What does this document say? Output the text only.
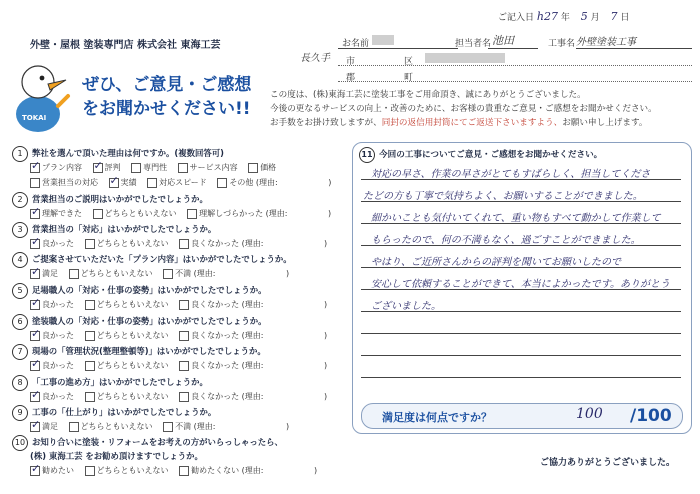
ご記入日 h27 年 5 月 7 日
外壁・屋根 塗装専門店 株式会社 東海工芸	お名前	担当者名 池田	工事名 外壁塗装工事
長久手 市	区
郡	町
TOKAI
ぜひ、ご意見・ご感想
をお聞かせください!!
この度は、(株)東海工芸に塗装工事をご用命頂き、誠にありがとうございました。
今後の更なるサービスの向上・改善のために、お客様の貴重なご意見・ご感想をお聞かせください。
お手数をお掛け致しますが、同封の返信用封筒にてご返送下さいますよう、お願い申し上げます。
1 弊社を選んで頂いた理由は何ですか。(複数回答可)
✓プラン内容 ✓	評判	専門性	サービス内容	価格
営業担当の対応 ✓	実績	対応スピード	その他 (理由:	)
2 営業担当のご説明はいかがでしたでしょうか。
✓理解できた	どちらともいえない	理解しづらかった (理由:	)
3 営業担当の「対応」はいかがでしたでしょうか。
✓良かった	どちらともいえない	良くなかった (理由:	)
4 ご提案させていただいた「プラン内容」はいかがでしたでしょうか。
✓満足	どちらともいえない	不満 (理由:	)
5 足場職人の「対応・仕事の姿勢」はいかがでしたでしょうか。
✓良かった	どちらともいえない	良くなかった (理由:	)
6 塗装職人の「対応・仕事の姿勢」はいかがでしたでしょうか。
✓良かった	どちらともいえない	良くなかった (理由:	)
7 現場の「管理状況(整理整頓等)」はいかがでしたでしょうか。
✓良かった	どちらともいえない	良くなかった (理由:	)
8 「工事の進め方」はいかがでしたでしょうか。
✓良かった	どちらともいえない	良くなかった (理由:	)
9 工事の「仕上がり」はいかがでしたでしょうか。
✓満足	どちらともいえない	不満 (理由:	)
10 お知り合いに塗装・リフォームをお考えの方がいらっしゃったら、
(株) 東海工芸 をお勧め頂けますでしょうか。
✓勧めたい	どちらともいえない	勧めたくない (理由:	)
11 今回の工事についてご意見・ご感想をお聞かせください。
対応の早さ、作業の早さがとてもすばらしく、担当してくださ
たどの方も丁寧で気持ちよく、お願いすることができました。
細かいことも気付いてくれて、重い物もすべて動かして作業して
もらったので、何の不満もなく、過ごすことができました。
やはり、ご近所さんからの評判を聞いてお願いしたので
安心して依頼することができて、本当によかったです。ありがとう
ございました。
満足度は何点ですか？	100 /100
ご協力ありがとうございました。
